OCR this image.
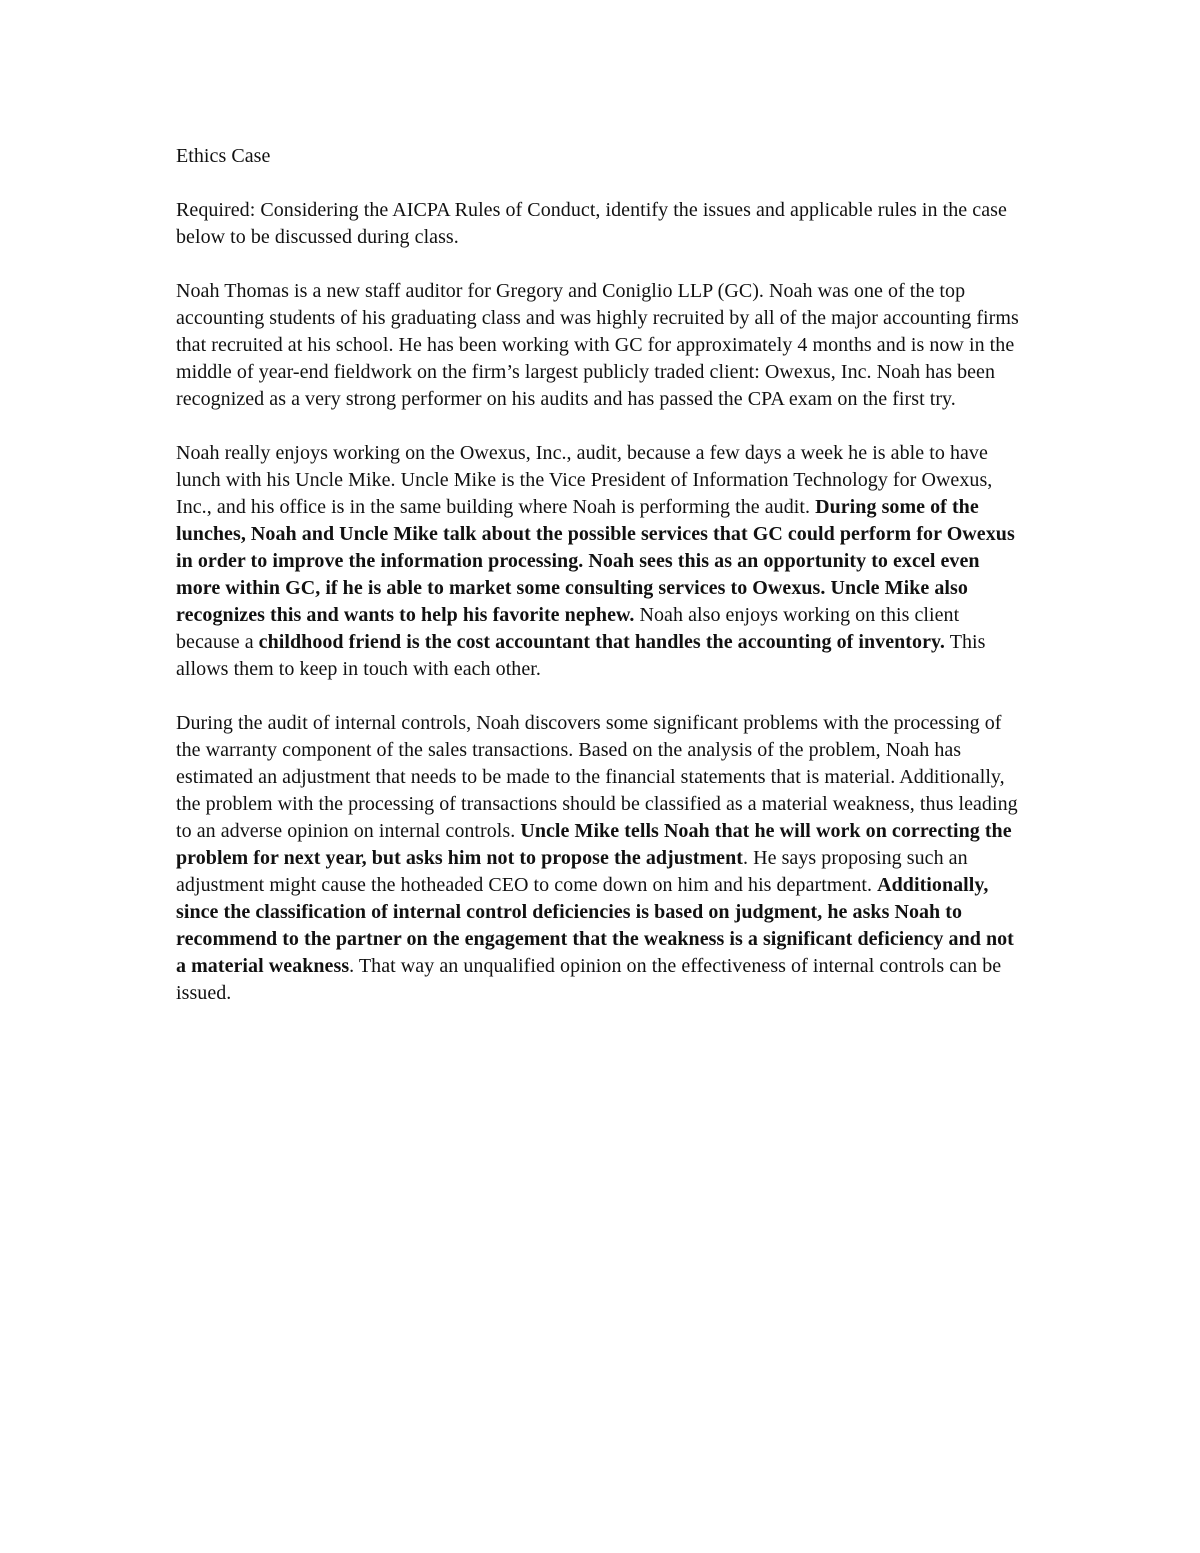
Ethics Case

Required: Considering the AICPA Rules of Conduct, identify the issues and applicable rules in the case below to be discussed during class.

Noah Thomas is a new staff auditor for Gregory and Coniglio LLP (GC). Noah was one of the top accounting students of his graduating class and was highly recruited by all of the major accounting firms that recruited at his school. He has been working with GC for approximately 4 months and is now in the middle of year-end fieldwork on the firm’s largest publicly traded client: Owexus, Inc. Noah has been recognized as a very strong performer on his audits and has passed the CPA exam on the first try.

Noah really enjoys working on the Owexus, Inc., audit, because a few days a week he is able to have lunch with his Uncle Mike. Uncle Mike is the Vice President of Information Technology for Owexus, Inc., and his office is in the same building where Noah is performing the audit. During some of the lunches, Noah and Uncle Mike talk about the possible services that GC could perform for Owexus in order to improve the information processing. Noah sees this as an opportunity to excel even more within GC, if he is able to market some consulting services to Owexus. Uncle Mike also recognizes this and wants to help his favorite nephew. Noah also enjoys working on this client because a childhood friend is the cost accountant that handles the accounting of inventory. This allows them to keep in touch with each other.

During the audit of internal controls, Noah discovers some significant problems with the processing of the warranty component of the sales transactions. Based on the analysis of the problem, Noah has estimated an adjustment that needs to be made to the financial statements that is material. Additionally, the problem with the processing of transactions should be classified as a material weakness, thus leading to an adverse opinion on internal controls. Uncle Mike tells Noah that he will work on correcting the problem for next year, but asks him not to propose the adjustment. He says proposing such an adjustment might cause the hotheaded CEO to come down on him and his department. Additionally, since the classification of internal control deficiencies is based on judgment, he asks Noah to recommend to the partner on the engagement that the weakness is a significant deficiency and not a material weakness. That way an unqualified opinion on the effectiveness of internal controls can be issued.
